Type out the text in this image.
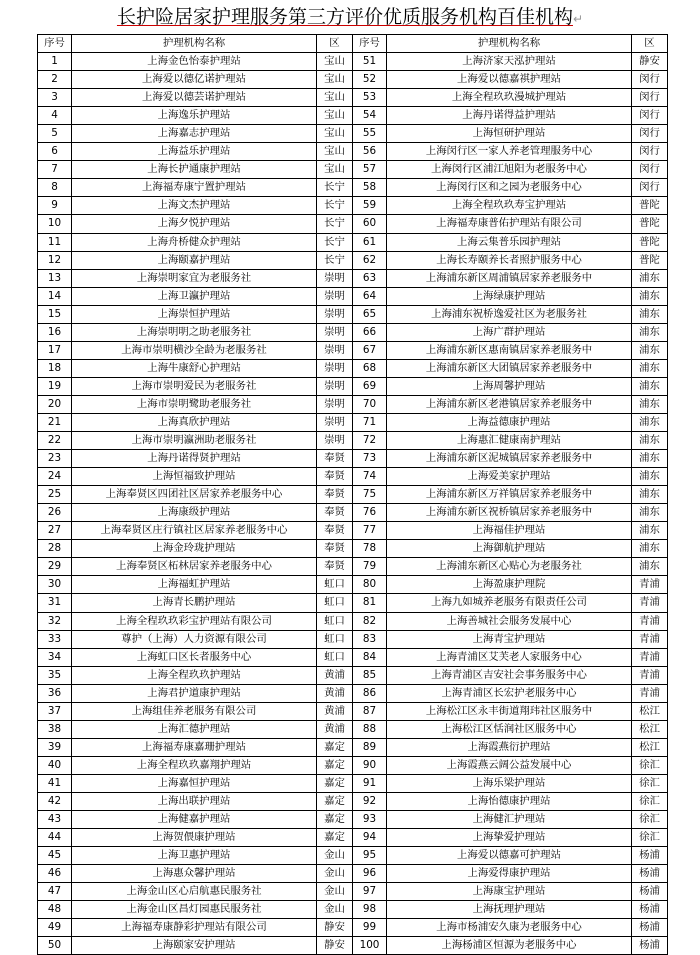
长护险居家护理服务第三方评价优质服务机构百佳机构↵
序号	护理机构名称	区	序号	护理机构名称	区
1	上海金色怡泰护理站	宝山	51	上海济家天泓护理站	静安
2	上海爱以德亿诺护理站	宝山	52	上海爱以德嘉祺护理站	闵行
3	上海爱以德芸诺护理站	宝山	53	上海全程玖玖漫城护理站	闵行
4	上海逸乐护理站	宝山	54	上海丹诺得益护理站	闵行
5	上海嘉志护理站	宝山	55	上海恒研护理站	闵行
6	上海益乐护理站	宝山	56	上海闵行区一家人养老管理服务中心	闵行
7	上海长护通康护理站	宝山	57	上海闵行区浦江旭阳为老服务中心	闵行
8	上海福寿康宁置护理站	长宁	58	上海闵行区和之园为老服务中心	闵行
9	上海文杰护理站	长宁	59	上海全程玖玖寿宝护理站	普陀
10	上海夕悦护理站	长宁	60	上海福寿康普佑护理站有限公司	普陀
11	上海舟桥健众护理站	长宁	61	上海云集普乐园护理站	普陀
12	上海颐嘉护理站	长宁	62	上海长寿颐养长者照护服务中心	普陀
13	上海崇明家宜为老服务社	崇明	63	上海浦东新区周浦镇居家养老服务中	浦东
14	上海卫瀛护理站	崇明	64	上海绿康护理站	浦东
15	上海崇恒护理站	崇明	65	上海浦东祝桥逸爱社区为老服务社	浦东
16	上海崇明明之助老服务社	崇明	66	上海广群护理站	浦东
17	上海市崇明横沙全龄为老服务社	崇明	67	上海浦东新区惠南镇居家养老服务中	浦东
18	上海牛康舒心护理站	崇明	68	上海浦东新区大团镇居家养老服务中	浦东
19	上海市崇明爱民为老服务社	崇明	69	上海周馨护理站	浦东
20	上海市崇明鹭助老服务社	崇明	70	上海浦东新区老港镇居家养老服务中	浦东
21	上海真欣护理站	崇明	71	上海益德康护理站	浦东
22	上海市崇明瀛洲助老服务社	崇明	72	上海惠汇健康南护理站	浦东
23	上海丹诺得贤护理站	奉贤	73	上海浦东新区泥城镇居家养老服务中	浦东
24	上海恒福致护理站	奉贤	74	上海爱美家护理站	浦东
25	上海奉贤区四团社区居家养老服务中心	奉贤	75	上海浦东新区万祥镇居家养老服务中	浦东
26	上海康级护理站	奉贤	76	上海浦东新区祝桥镇居家养老服务中	浦东
27	上海奉贤区庄行镇社区居家养老服务中心	奉贤	77	上海福佳护理站	浦东
28	上海金玲珑护理站	奉贤	78	上海御航护理站	浦东
29	上海奉贤区柘林居家养老服务中心	奉贤	79	上海浦东新区心贴心为老服务社	浦东
30	上海福虹护理站	虹口	80	上海盈康护理院	青浦
31	上海青长鹏护理站	虹口	81	上海九如城养老服务有限责任公司	青浦
32	上海全程玖玖彩宝护理站有限公司	虹口	82	上海善城社会服务发展中心	青浦
33	尊护（上海）人力资源有限公司	虹口	83	上海青宝护理站	青浦
34	上海虹口区长者服务中心	虹口	84	上海青浦区艾芙老人家服务中心	青浦
35	上海全程玖玖护理站	黄浦	85	上海青浦区吉安社会事务服务中心	青浦
36	上海君护道康护理站	黄浦	86	上海青浦区长宏护老服务中心	青浦
37	上海组佳养老服务有限公司	黄浦	87	上海松江区永丰街道翔玮社区服务中	松江
38	上海汇德护理站	黄浦	88	上海松江区恬润社区服务中心	松江
39	上海福寿康嘉珊护理站	嘉定	89	上海霞燕衍护理站	松江
40	上海全程玖玖嘉翔护理站	嘉定	90	上海霞燕云阔公益发展中心	徐汇
41	上海嘉恒护理站	嘉定	91	上海乐梁护理站	徐汇
42	上海出联护理站	嘉定	92	上海怡德康护理站	徐汇
43	上海健嘉护理站	嘉定	93	上海健汇护理站	徐汇
44	上海贺偎康护理站	嘉定	94	上海挚爱护理站	徐汇
45	上海卫惠护理站	金山	95	上海爱以德嘉可护理站	杨浦
46	上海惠众馨护理站	金山	96	上海爱得康护理站	杨浦
47	上海金山区心启航惠民服务社	金山	97	上海康宝护理站	杨浦
48	上海金山区昌灯园惠民服务社	金山	98	上海抚理护理站	杨浦
49	上海福寿康静彩护理站有限公司	静安	99	上海市杨浦安久康为老服务中心	杨浦
50	上海颐家安护理站	静安	100	上海杨浦区恒源为老服务中心	杨浦
